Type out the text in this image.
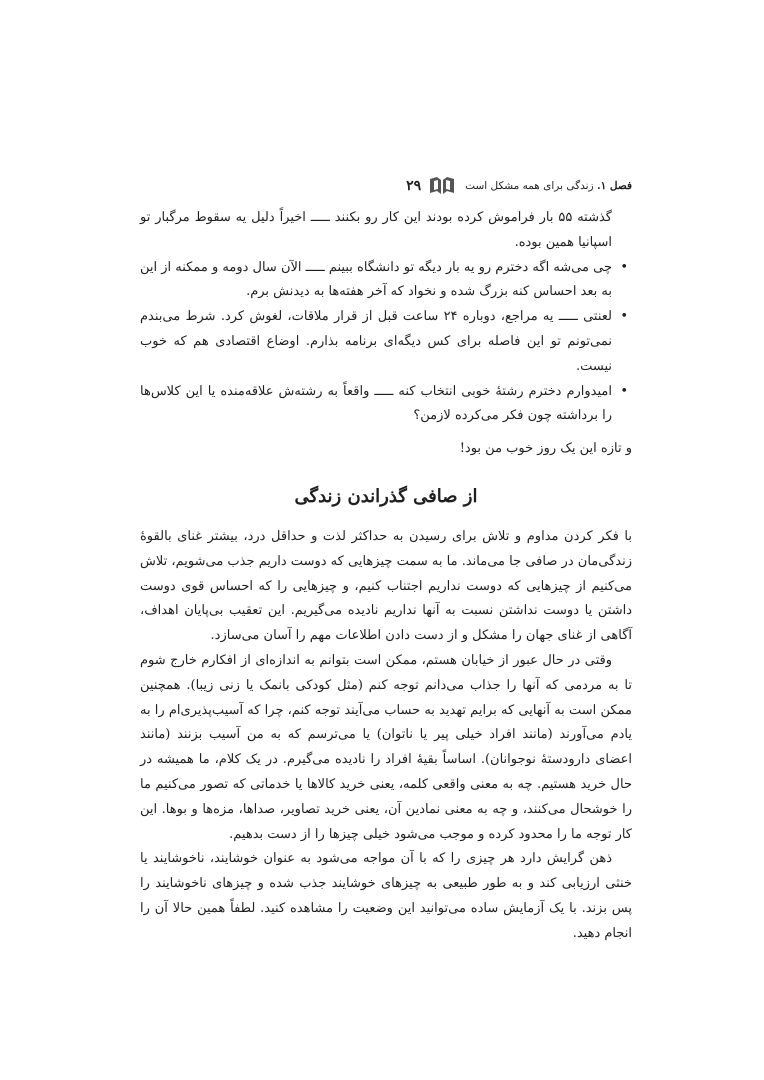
فصل ۱. زندگی برای همه مشکل است
۲۹

گذشته ۵۵ بار فراموش کرده بودند این کار رو بکنند ـــــ اخیراً دلیل یه سقوط مرگبار تو اسپانیا همین بوده.

• چی می‌شه اگه دخترم رو یه بار دیگه تو دانشگاه ببینم ـــــ الآن سال دومه و ممکنه از این به بعد احساس کنه بزرگ شده و نخواد که آخر هفته‌ها به دیدنش برم.
• لعنتی ـــــ یه مراجع، دوباره ۲۴ ساعت قبل از قرار ملاقات، لغوش کرد. شرط می‌بندم نمی‌تونم تو این فاصله برای کس دیگه‌ای برنامه بذارم. اوضاع اقتصادی هم که خوب نیست.
• امیدوارم دخترم رشتهٔ خوبی انتخاب کنه ـــــ واقعاً به رشته‌ش علاقه‌منده یا این کلاس‌ها را برداشته چون فکر می‌کرده لازمن؟

و تازه این یک روز خوب من بود!

از صافی گذراندن زندگی

با فکر کردن مداوم و تلاش برای رسیدن به حداکثر لذت و حداقل درد، بیشتر غنای بالقوهٔ زندگی‌مان در صافی جا می‌ماند. ما به سمت چیزهایی که دوست داریم جذب می‌شویم، تلاش می‌کنیم از چیزهایی که دوست نداریم اجتناب کنیم، و چیزهایی را که احساس قوی دوست داشتن یا دوست نداشتن نسبت به آنها نداریم نادیده می‌گیریم. این تعقیب بی‌پایان اهداف، آگاهی از غنای جهان را مشکل و از دست دادن اطلاعات مهم را آسان می‌سازد.

وقتی در حال عبور از خیابان هستم، ممکن است بتوانم به اندازه‌ای از افکارم خارج شوم تا به مردمی که آنها را جذاب می‌دانم توجه کنم (مثل کودکی بانمک یا زنی زیبا). همچنین ممکن است به آنهایی که برایم تهدید به حساب می‌آیند توجه کنم، چرا که آسیب‌پذیری‌ام را به یادم می‌آورند (مانند افراد خیلی پیر یا ناتوان) یا می‌ترسم که به من آسیب بزنند (مانند اعضای دارودستهٔ نوجوانان). اساساً بقیهٔ افراد را نادیده می‌گیرم. در یک کلام، ما همیشه در حال خرید هستیم. چه به معنی واقعی کلمه، یعنی خرید کالاها یا خدماتی که تصور می‌کنیم ما را خوشحال می‌کنند، و چه به معنی نمادین آن، یعنی خرید تصاویر، صداها، مزه‌ها و بوها. این کار توجه ما را محدود کرده و موجب می‌شود خیلی چیزها را از دست بدهیم.

ذهن گرایش دارد هر چیزی را که با آن مواجه می‌شود به عنوان خوشایند، ناخوشایند یا خنثی ارزیابی کند و به طور طبیعی به چیزهای خوشایند جذب شده و چیزهای ناخوشایند را پس بزند. با یک آزمایش ساده می‌توانید این وضعیت را مشاهده کنید. لطفاً همین حالا آن را انجام دهید.
